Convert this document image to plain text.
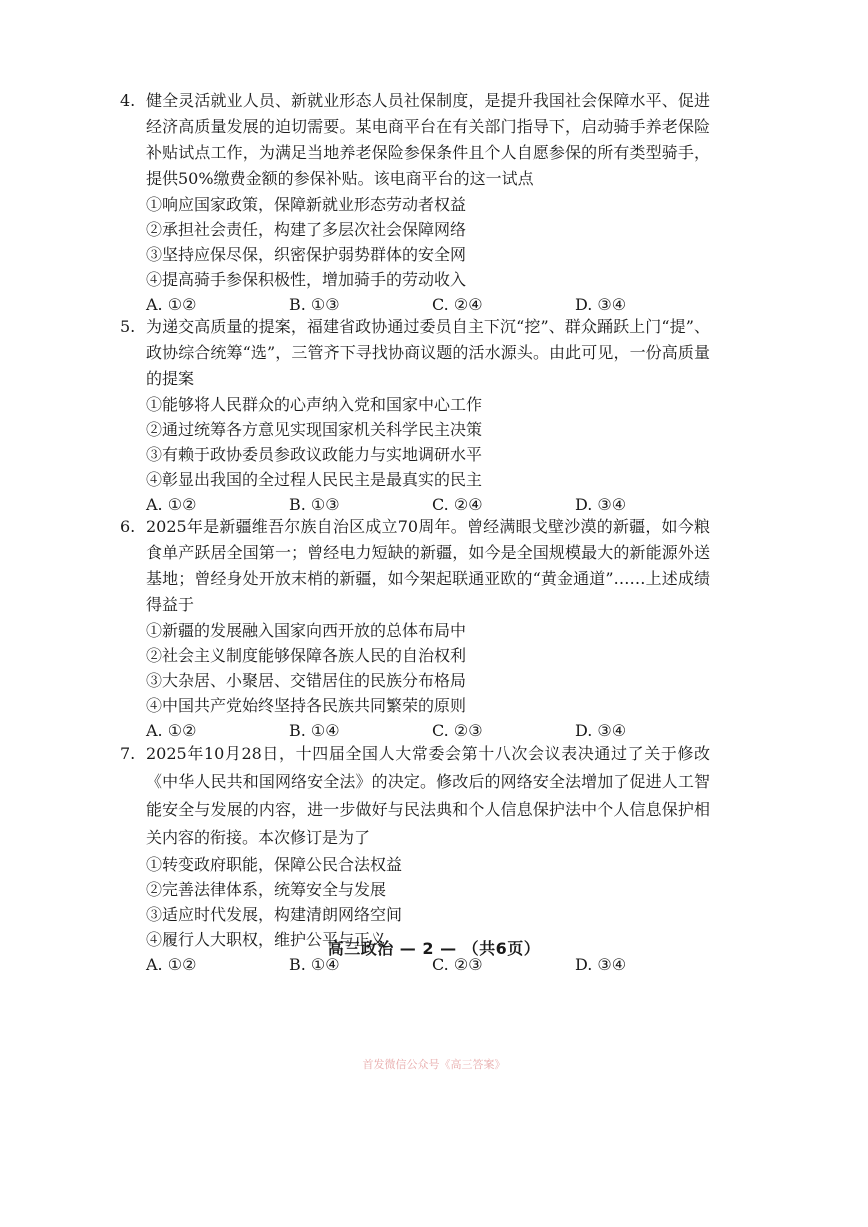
4. 健全灵活就业人员、新就业形态人员社保制度，是提升我国社会保障水平、促进经济高质量发展的迫切需要。某电商平台在有关部门指导下，启动骑手养老保险补贴试点工作，为满足当地养老保险参保条件且个人自愿参保的所有类型骑手，提供50%缴费金额的参保补贴。该电商平台的这一试点
①响应国家政策，保障新就业形态劳动者权益
②承担社会责任，构建了多层次社会保障网络
③坚持应保尽保，织密保护弱势群体的安全网
④提高骑手参保积极性，增加骑手的劳动收入
A. ①②	B. ①③	C. ②④	D. ③④
5. 为递交高质量的提案，福建省政协通过委员自主下沉“挖”、群众踊跃上门“提”、政协综合统筹“选”，三管齐下寻找协商议题的活水源头。由此可见，一份高质量的提案
①能够将人民群众的心声纳入党和国家中心工作
②通过统筹各方意见实现国家机关科学民主决策
③有赖于政协委员参政议政能力与实地调研水平
④彰显出我国的全过程人民民主是最真实的民主
A. ①②	B. ①③	C. ②④	D. ③④
6. 2025年是新疆维吾尔族自治区成立70周年。曾经满眼戈壁沙漠的新疆，如今粮食单产跃居全国第一；曾经电力短缺的新疆，如今是全国规模最大的新能源外送基地；曾经身处开放末梢的新疆，如今架起联通亚欧的“黄金通道”……上述成绩得益于
①新疆的发展融入国家向西开放的总体布局中
②社会主义制度能够保障各族人民的自治权利
③大杂居、小聚居、交错居住的民族分布格局
④中国共产党始终坚持各民族共同繁荣的原则
A. ①②	B. ①④	C. ②③	D. ③④
7. 2025年10月28日，十四届全国人大常委会第十八次会议表决通过了关于修改《中华人民共和国网络安全法》的决定。修改后的网络安全法增加了促进人工智能安全与发展的内容，进一步做好与民法典和个人信息保护法中个人信息保护相关内容的衔接。本次修订是为了
①转变政府职能，保障公民合法权益②完善法律体系，统筹安全与发展 ③适应时代发展，构建清朗网络空间④履行人大职权，维护公平与正义
A. ①②	B. ①④	C. ②③	D. ③④
高三政治 — 2 — （共6页）
首发微信公众号《高三答案》
